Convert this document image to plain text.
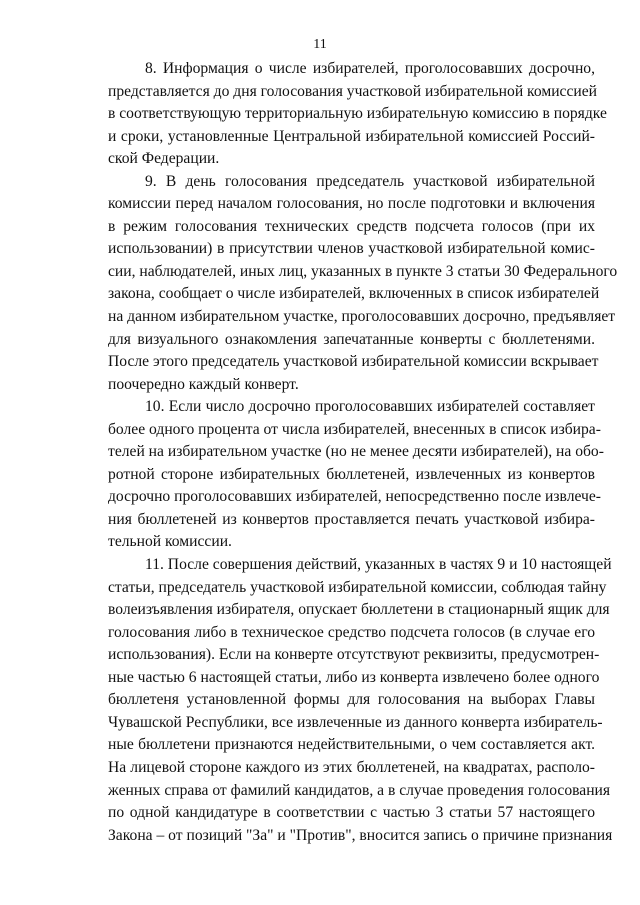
11
8. Информация о числе избирателей, проголосовавших досрочно,
представляется до дня голосования участковой избирательной комиссией
в соответствующую территориальную избирательную комиссию в порядке
и сроки, установленные Центральной избирательной комиссией Россий-
ской Федерации.
9. В день голосования председатель участковой избирательной
комиссии перед началом голосования, но после подготовки и включения
в режим голосования технических средств подсчета голосов (при их
использовании) в присутствии членов участковой избирательной комис-
сии, наблюдателей, иных лиц, указанных в пункте 3 статьи 30 Федерального
закона, сообщает о числе избирателей, включенных в список избирателей
на данном избирательном участке, проголосовавших досрочно, предъявляет
для визуального ознакомления запечатанные конверты с бюллетенями.
После этого председатель участковой избирательной комиссии вскрывает
поочередно каждый конверт.
10. Если число досрочно проголосовавших избирателей составляет
более одного процента от числа избирателей, внесенных в список избира-
телей на избирательном участке (но не менее десяти избирателей), на обо-
ротной стороне избирательных бюллетеней, извлеченных из конвертов
досрочно проголосовавших избирателей, непосредственно после извлече-
ния бюллетеней из конвертов проставляется печать участковой избира-
тельной комиссии.
11. После совершения действий, указанных в частях 9 и 10 настоящей
статьи, председатель участковой избирательной комиссии, соблюдая тайну
волеизъявления избирателя, опускает бюллетени в стационарный ящик для
голосования либо в техническое средство подсчета голосов (в случае его
использования). Если на конверте отсутствуют реквизиты, предусмотрен-
ные частью 6 настоящей статьи, либо из конверта извлечено более одного
бюллетеня установленной формы для голосования на выборах Главы
Чувашской Республики, все извлеченные из данного конверта избиратель-
ные бюллетени признаются недействительными, о чем составляется акт.
На лицевой стороне каждого из этих бюллетеней, на квадратах, располо-
женных справа от фамилий кандидатов, а в случае проведения голосования
по одной кандидатуре в соответствии с частью 3 статьи 57 настоящего
Закона – от позиций "За" и "Против", вносится запись о причине признания
